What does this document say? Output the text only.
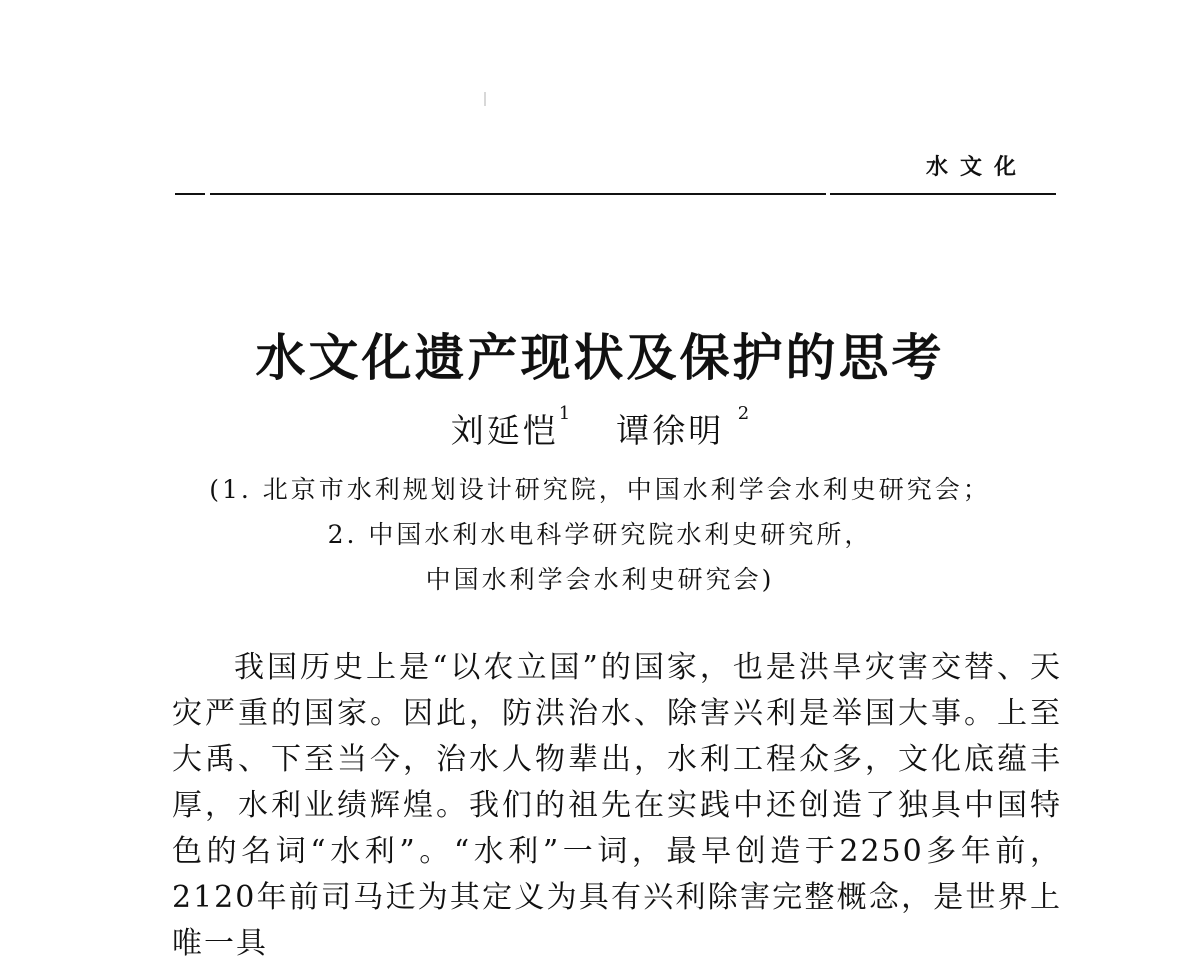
水文化
水文化遗产现状及保护的思考
刘延恺$^1$ 谭徐明 $^2$
(1. 北京市水利规划设计研究院，中国水利学会水利史研究会；
2. 中国水利水电科学研究院水利史研究所，
中国水利学会水利史研究会)

我国历史上是“以农立国”的国家，也是洪旱灾害交替、天灾严重的国家。因此，防洪治水、除害兴利是举国大事。上至大禹、下至当今，治水人物辈出，水利工程众多，文化底蕴丰厚，水利业绩辉煌。我们的祖先在实践中还创造了独具中国特色的名词“水利”。“水利”一词，最早创造于2250多年前，2120年前司马迁为其定义为具有兴利除害完整概念，是世界上唯一具
